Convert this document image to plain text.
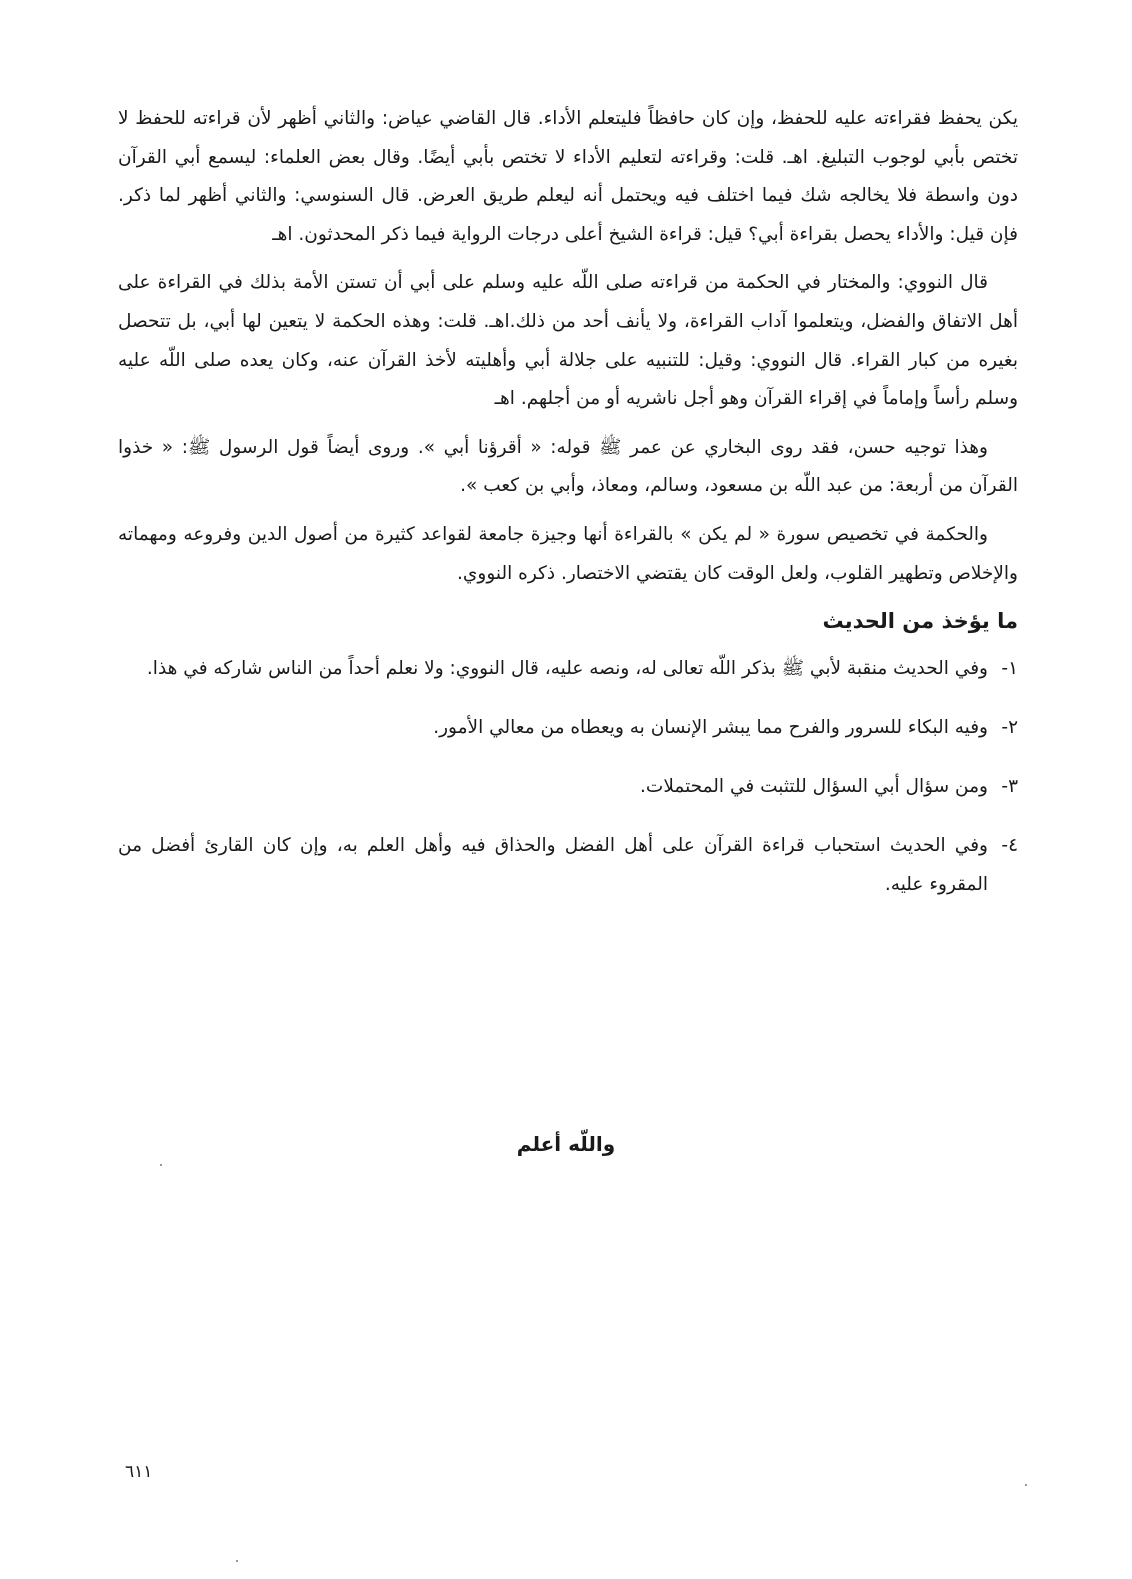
يكن يحفظ فقراءته عليه للحفظ، وإن كان حافظاً فليتعلم الأداء. قال القاضي عياض: والثاني أظهر لأن قراءته للحفظ لا تختص بأبي لوجوب التبليغ. اهـ. قلت: وقراءته لتعليم الأداء لا تختص بأبي أيضًا. وقال بعض العلماء: ليسمع أبي القرآن دون واسطة فلا يخالجه شك فيما اختلف فيه ويحتمل أنه ليعلم طريق العرض. قال السنوسي: والثاني أظهر لما ذكر. فإن قيل: والأداء يحصل بقراءة أبي؟ قيل: قراءة الشيخ أعلى درجات الرواية فيما ذكر المحدثون. اهـ

قال النووي: والمختار في الحكمة من قراءته صلى اللّه عليه وسلم على أبي أن تستن الأمة بذلك في القراءة على أهل الاتفاق والفضل، ويتعلموا آداب القراءة، ولا يأنف أحد من ذلك.اهـ. قلت: وهذه الحكمة لا يتعين لها أبي، بل تتحصل بغيره من كبار القراء. قال النووي: وقيل: للتنبيه على جلالة أبي وأهليته لأخذ القرآن عنه، وكان يعده صلى اللّه عليه وسلم رأساً وإماماً في إقراء القرآن وهو أجل ناشريه أو من أجلهم. اهـ

وهذا توجيه حسن، فقد روى البخاري عن عمر ﷺ قوله: « أقرؤنا أبي ». وروى أيضاً قول الرسول ﷺ: « خذوا القرآن من أربعة: من عبد اللّه بن مسعود، وسالم، ومعاذ، وأبي بن كعب ».

والحكمة في تخصيص سورة « لم يكن » بالقراءة أنها وجيزة جامعة لقواعد كثيرة من أصول الدين وفروعه ومهماته والإخلاص وتطهير القلوب، ولعل الوقت كان يقتضي الاختصار. ذكره النووي.

ما يؤخذ من الحديث
١-
وفي الحديث منقبة لأبي ﷺ بذكر اللّه تعالى له، ونصه عليه، قال النووي: ولا نعلم أحداً من الناس شاركه في هذا.
٢-
وفيه البكاء للسرور والفرح مما يبشر الإنسان به ويعطاه من معالي الأمور.
٣-
ومن سؤال أبي السؤال للتثبت في المحتملات.
٤-
وفي الحديث استحباب قراءة القرآن على أهل الفضل والحذاق فيه وأهل العلم به، وإن كان القارئ أفضل من المقروء عليه.
واللّه أعلم
٦١١
